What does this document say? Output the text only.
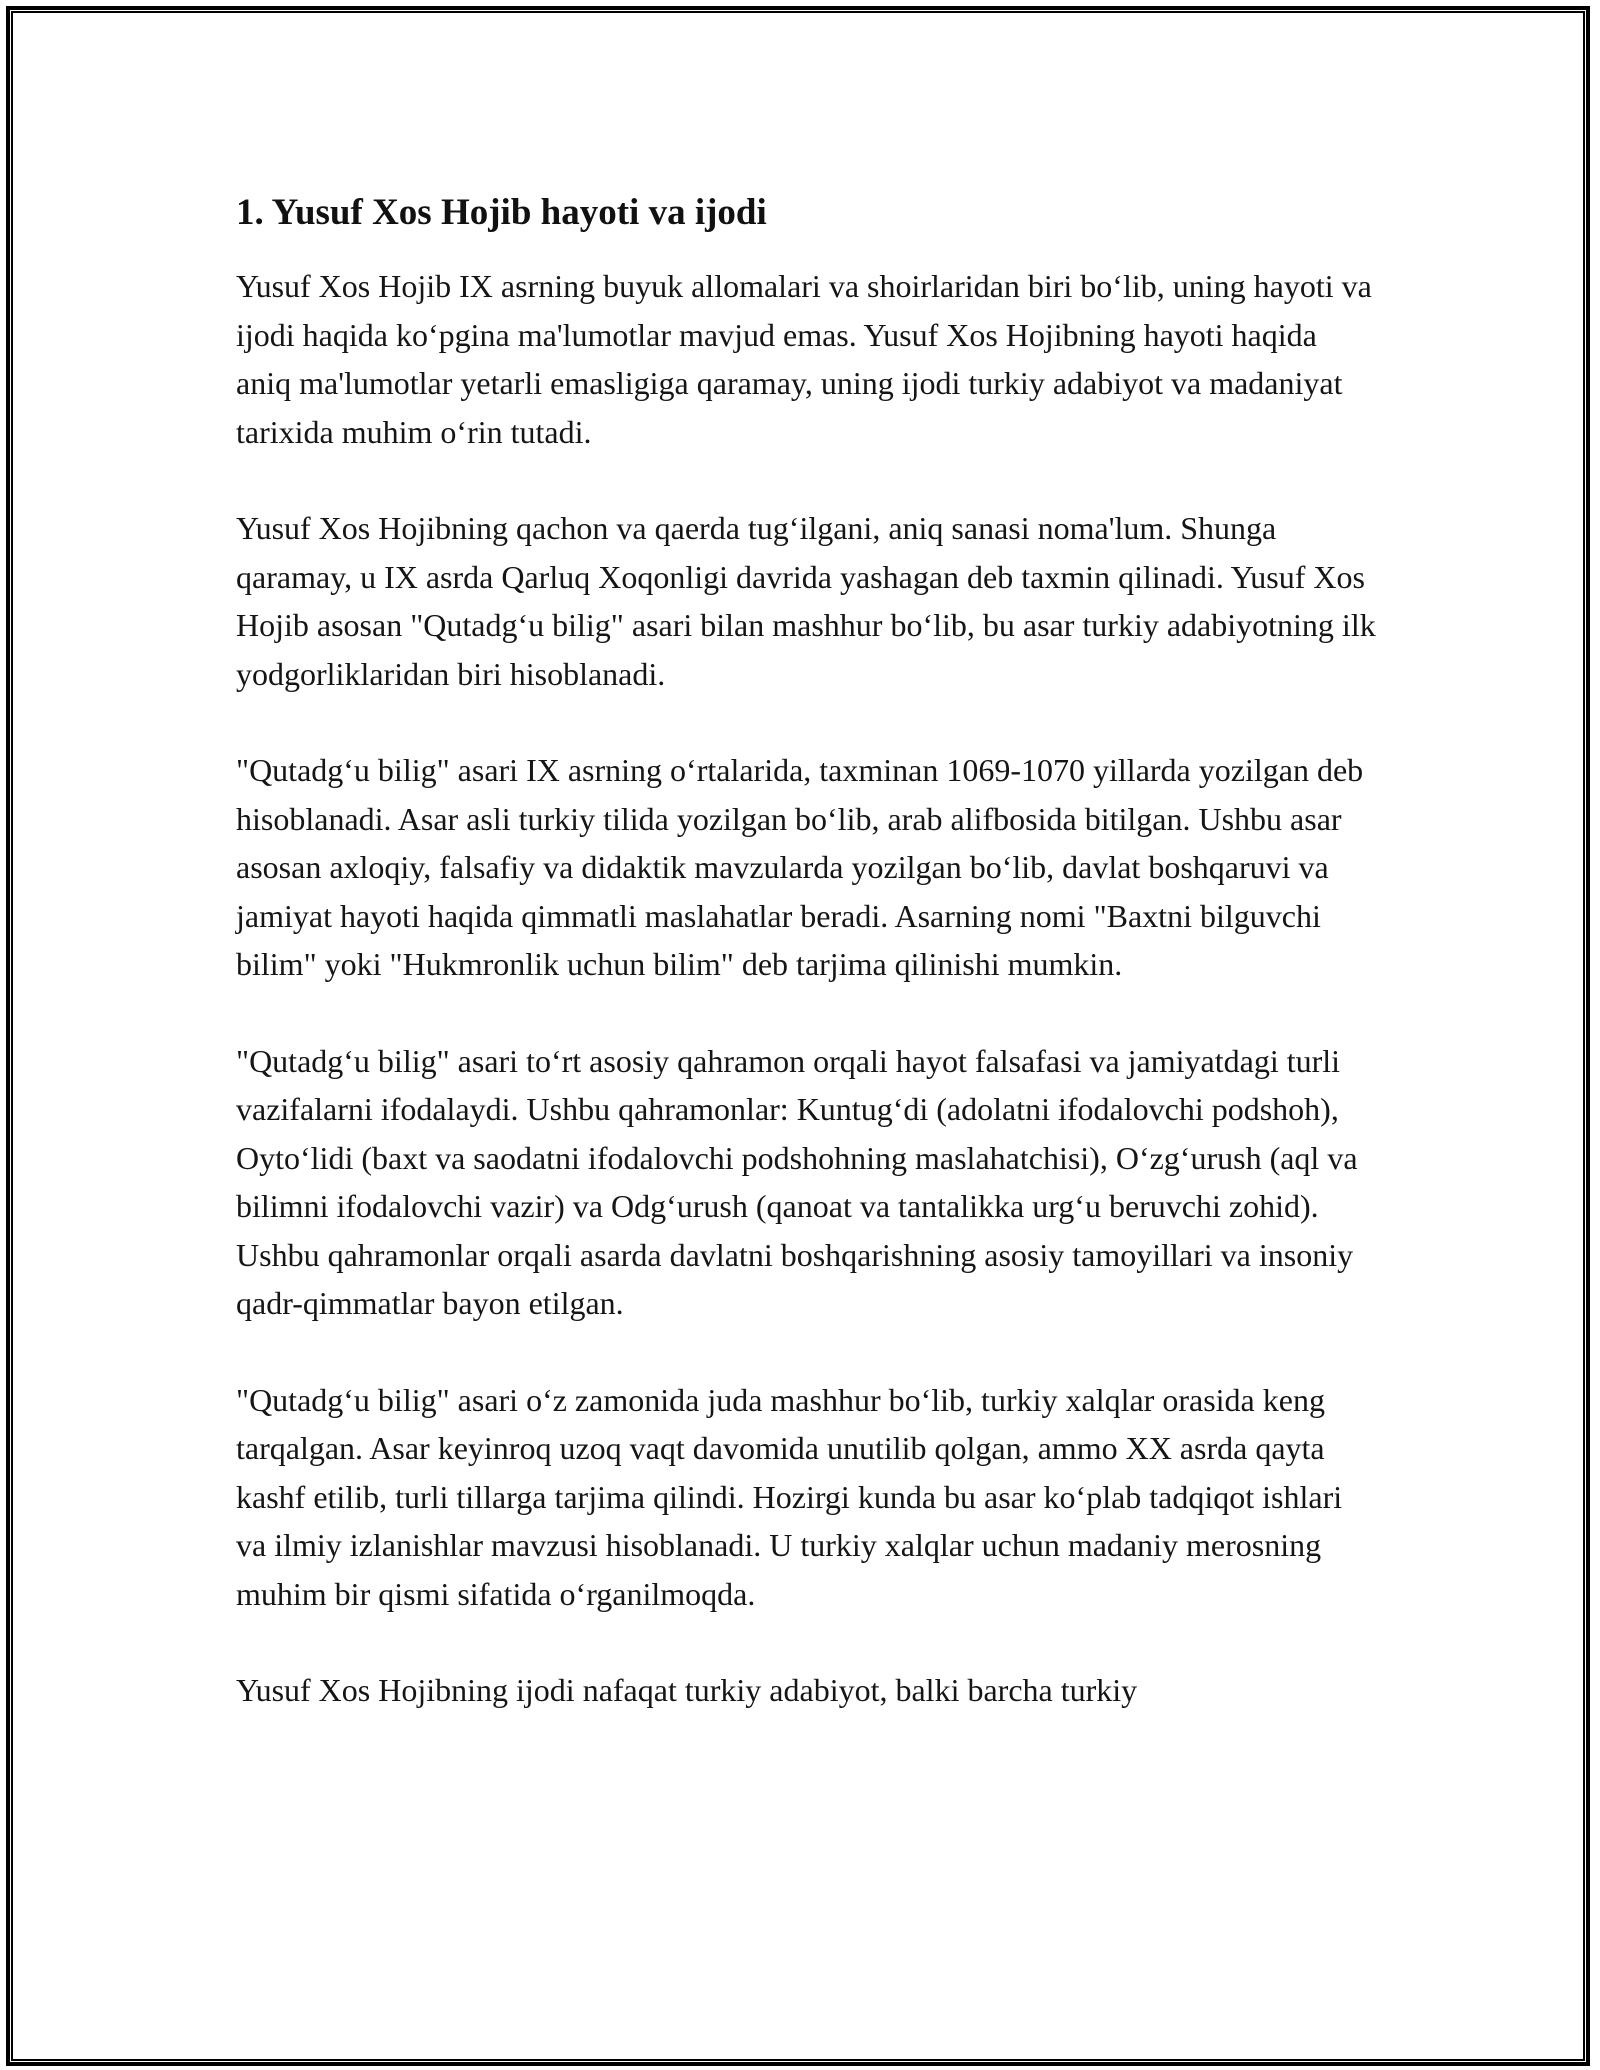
1. Yusuf Xos Hojib hayoti va ijodi

Yusuf Xos Hojib IX asrning buyuk allomalari va shoirlaridan biri bo‘lib, uning hayoti va ijodi haqida ko‘pgina ma'lumotlar mavjud emas. Yusuf Xos Hojibning hayoti haqida aniq ma'lumotlar yetarli emasligiga qaramay, uning ijodi turkiy adabiyot va madaniyat tarixida muhim o‘rin tutadi.

Yusuf Xos Hojibning qachon va qaerda tug‘ilgani, aniq sanasi noma'lum. Shunga qaramay, u IX asrda Qarluq Xoqonligi davrida yashagan deb taxmin qilinadi. Yusuf Xos Hojib asosan "Qutadg‘u bilig" asari bilan mashhur bo‘lib, bu asar turkiy adabiyotning ilk yodgorliklaridan biri hisoblanadi.

"Qutadg‘u bilig" asari IX asrning o‘rtalarida, taxminan 1069-1070 yillarda yozilgan deb hisoblanadi. Asar asli turkiy tilida yozilgan bo‘lib, arab alifbosida bitilgan. Ushbu asar asosan axloqiy, falsafiy va didaktik mavzularda yozilgan bo‘lib, davlat boshqaruvi va jamiyat hayoti haqida qimmatli maslahatlar beradi. Asarning nomi "Baxtni bilguvchi bilim" yoki "Hukmronlik uchun bilim" deb tarjima qilinishi mumkin.

"Qutadg‘u bilig" asari to‘rt asosiy qahramon orqali hayot falsafasi va jamiyatdagi turli vazifalarni ifodalaydi. Ushbu qahramonlar: Kuntug‘di (adolatni ifodalovchi podshoh), Oyto‘lidi (baxt va saodatni ifodalovchi podshohning maslahatchisi), O‘zg‘urush (aql va bilimni ifodalovchi vazir) va Odg‘urush (qanoat va tantalikka urg‘u beruvchi zohid). Ushbu qahramonlar orqali asarda davlatni boshqarishning asosiy tamoyillari va insoniy qadr-qimmatlar bayon etilgan.

"Qutadg‘u bilig" asari o‘z zamonida juda mashhur bo‘lib, turkiy xalqlar orasida keng tarqalgan. Asar keyinroq uzoq vaqt davomida unutilib qolgan, ammo XX asrda qayta kashf etilib, turli tillarga tarjima qilindi. Hozirgi kunda bu asar ko‘plab tadqiqot ishlari va ilmiy izlanishlar mavzusi hisoblanadi. U turkiy xalqlar uchun madaniy merosning muhim bir qismi sifatida o‘rganilmoqda.

Yusuf Xos Hojibning ijodi nafaqat turkiy adabiyot, balki barcha turkiy
